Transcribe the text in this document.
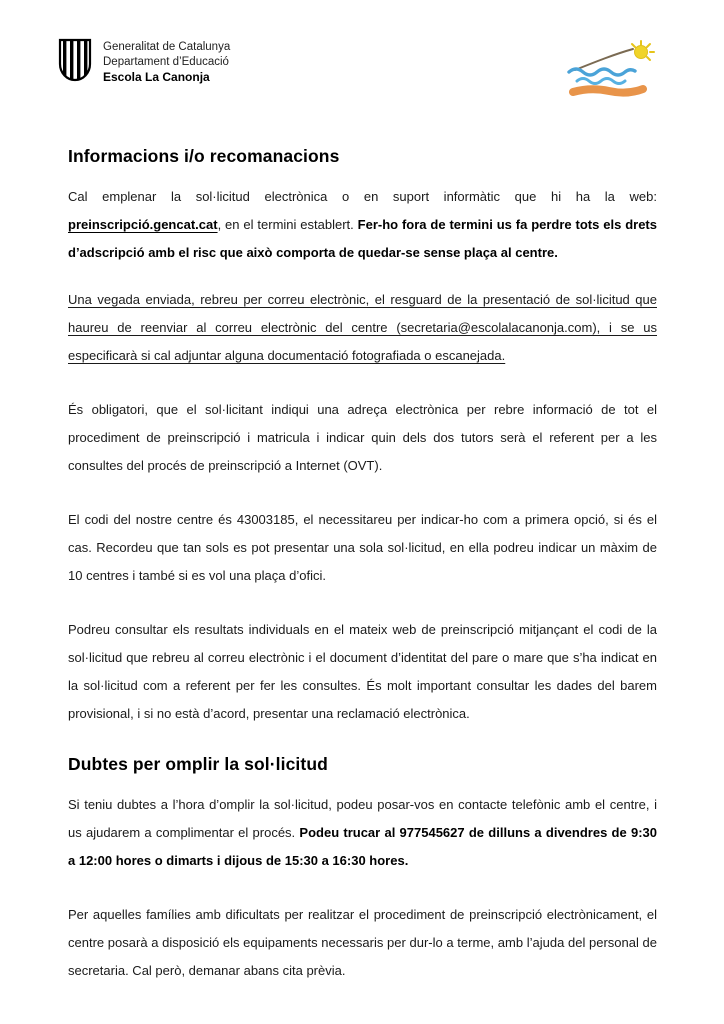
Generalitat de Catalunya
Departament d’Educació
Escola La Canonja
Informacions i/o recomanacions

Cal emplenar la sol·licitud electrònica o en suport informàtic que hi ha la web: preinscripció.gencat.cat, en el termini establert. Fer-ho fora de termini us fa perdre tots els drets d’adscripció amb el risc que això comporta de quedar-se sense plaça al centre.

Una vegada enviada, rebreu per correu electrònic, el resguard de la presentació de sol·licitud que haureu de reenviar al correu electrònic del centre (secretaria@escolalacanonja.com), i se us especificarà si cal adjuntar alguna documentació fotografiada o escanejada.

És obligatori, que el sol·licitant indiqui una adreça electrònica per rebre informació de tot el procediment de preinscripció i matricula i indicar quin dels dos tutors serà el referent per a les consultes del procés de preinscripció a Internet (OVT).

El codi del nostre centre és 43003185, el necessitareu per indicar-ho com a primera opció, si és el cas. Recordeu que tan sols es pot presentar una sola sol·licitud, en ella podreu indicar un màxim de 10 centres i també si es vol una plaça d’ofici.

Podreu consultar els resultats individuals en el mateix web de preinscripció mitjançant el codi de la sol·licitud que rebreu al correu electrònic i el document d’identitat del pare o mare que s’ha indicat en la sol·licitud com a referent per fer les consultes. És molt important consultar les dades del barem provisional, i si no està d’acord, presentar una reclamació electrònica.

Dubtes per omplir la sol·licitud

Si teniu dubtes a l’hora d’omplir la sol·licitud, podeu posar-vos en contacte telefònic amb el centre, i us ajudarem a complimentar el procés. Podeu trucar al 977545627 de dilluns a divendres de 9:30 a 12:00 hores o dimarts i dijous de 15:30 a 16:30 hores.

Per aquelles famílies amb dificultats per realitzar el procediment de preinscripció electrònicament, el centre posarà a disposició els equipaments necessaris per dur-lo a terme, amb l’ajuda del personal de secretaria. Cal però, demanar abans cita prèvia.
